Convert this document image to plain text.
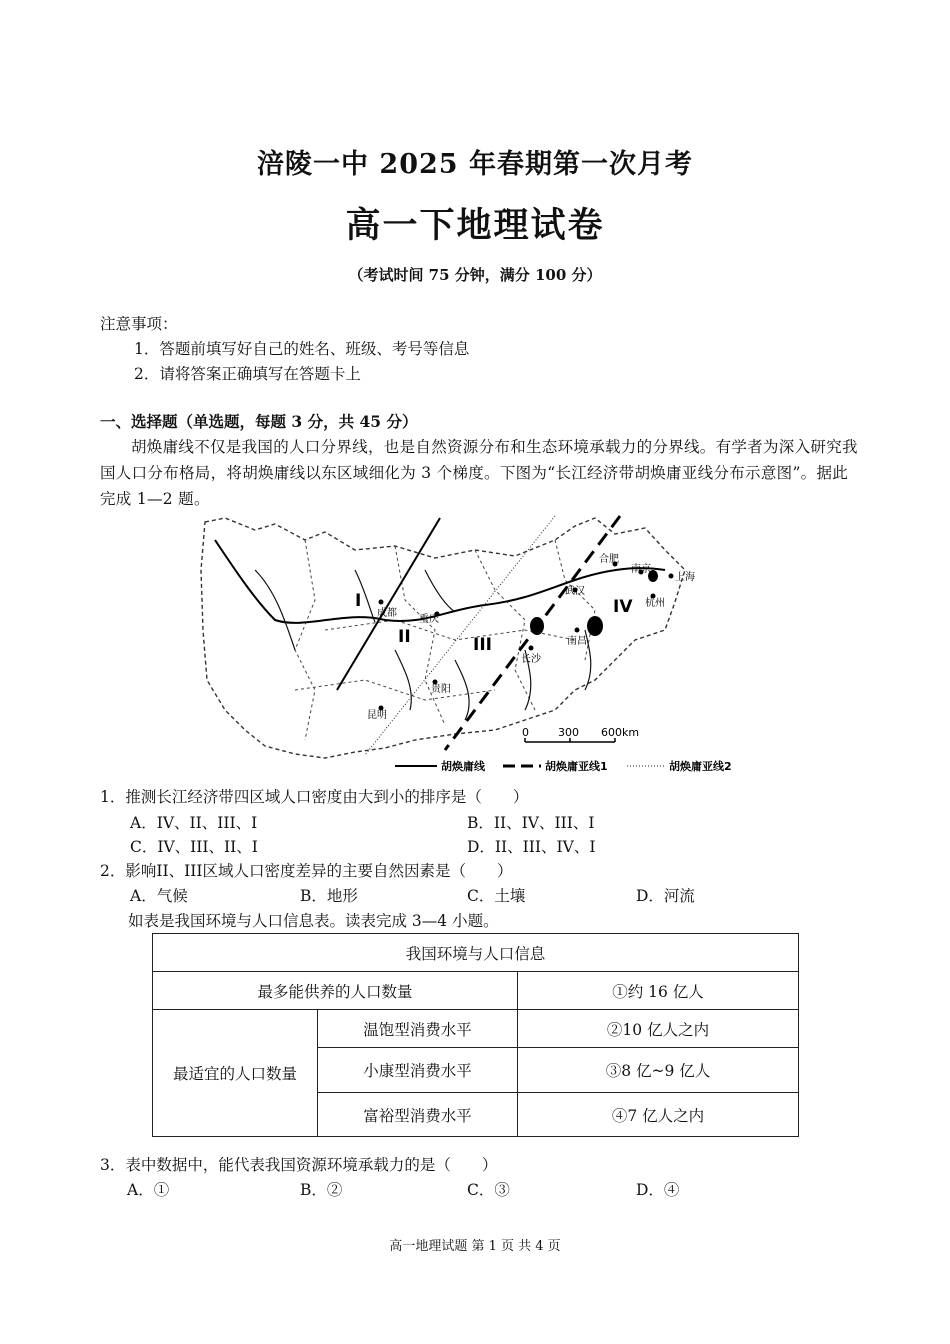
涪陵一中 2025 年春期第一次月考
高一下地理试卷
（考试时间 75 分钟，满分 100 分）
注意事项：
1．答题前填写好自己的姓名、班级、考号等信息
2．请将答案正确填写在答题卡上
一、选择题（单选题，每题 3 分，共 45 分）
胡焕庸线不仅是我国的人口分界线，也是自然资源分布和生态环境承载力的分界线。有学者为深入研究我国人口分布格局，将胡焕庸线以东区域细化为 3 个梯度。下图为“长江经济带胡焕庸亚线分布示意图”。据此完成 1—2 题。
I
II	III
IV
成都
重庆
贵阳
昆明
长沙
南昌
武汉
合肥
南京
上海
杭州
0	300 600km
胡焕庸线	胡焕庸亚线1	胡焕庸亚线2
1．推测长江经济带四区域人口密度由大到小的排序是（　　）
A．IV、II、III、I	B．II、IV、III、I
C．IV、III、II、I	D．II、III、IV、I
2．影响II、III区域人口密度差异的主要自然因素是（　　）
A．气候	B．地形	C．土壤	D．河流
如表是我国环境与人口信息表。读表完成 3—4 小题。
我国环境与人口信息		
最多能供养的人口数量		①约 16 亿人
最适宜的人口数量	温饱型消费水平	②10 亿人之内
	小康型消费水平	③8 亿~9 亿人
	富裕型消费水平	④7 亿人之内
3．表中数据中，能代表我国资源环境承载力的是（　　）
A．①	B．②	C．③	D．④
高一地理试题 第 1 页 共 4 页
